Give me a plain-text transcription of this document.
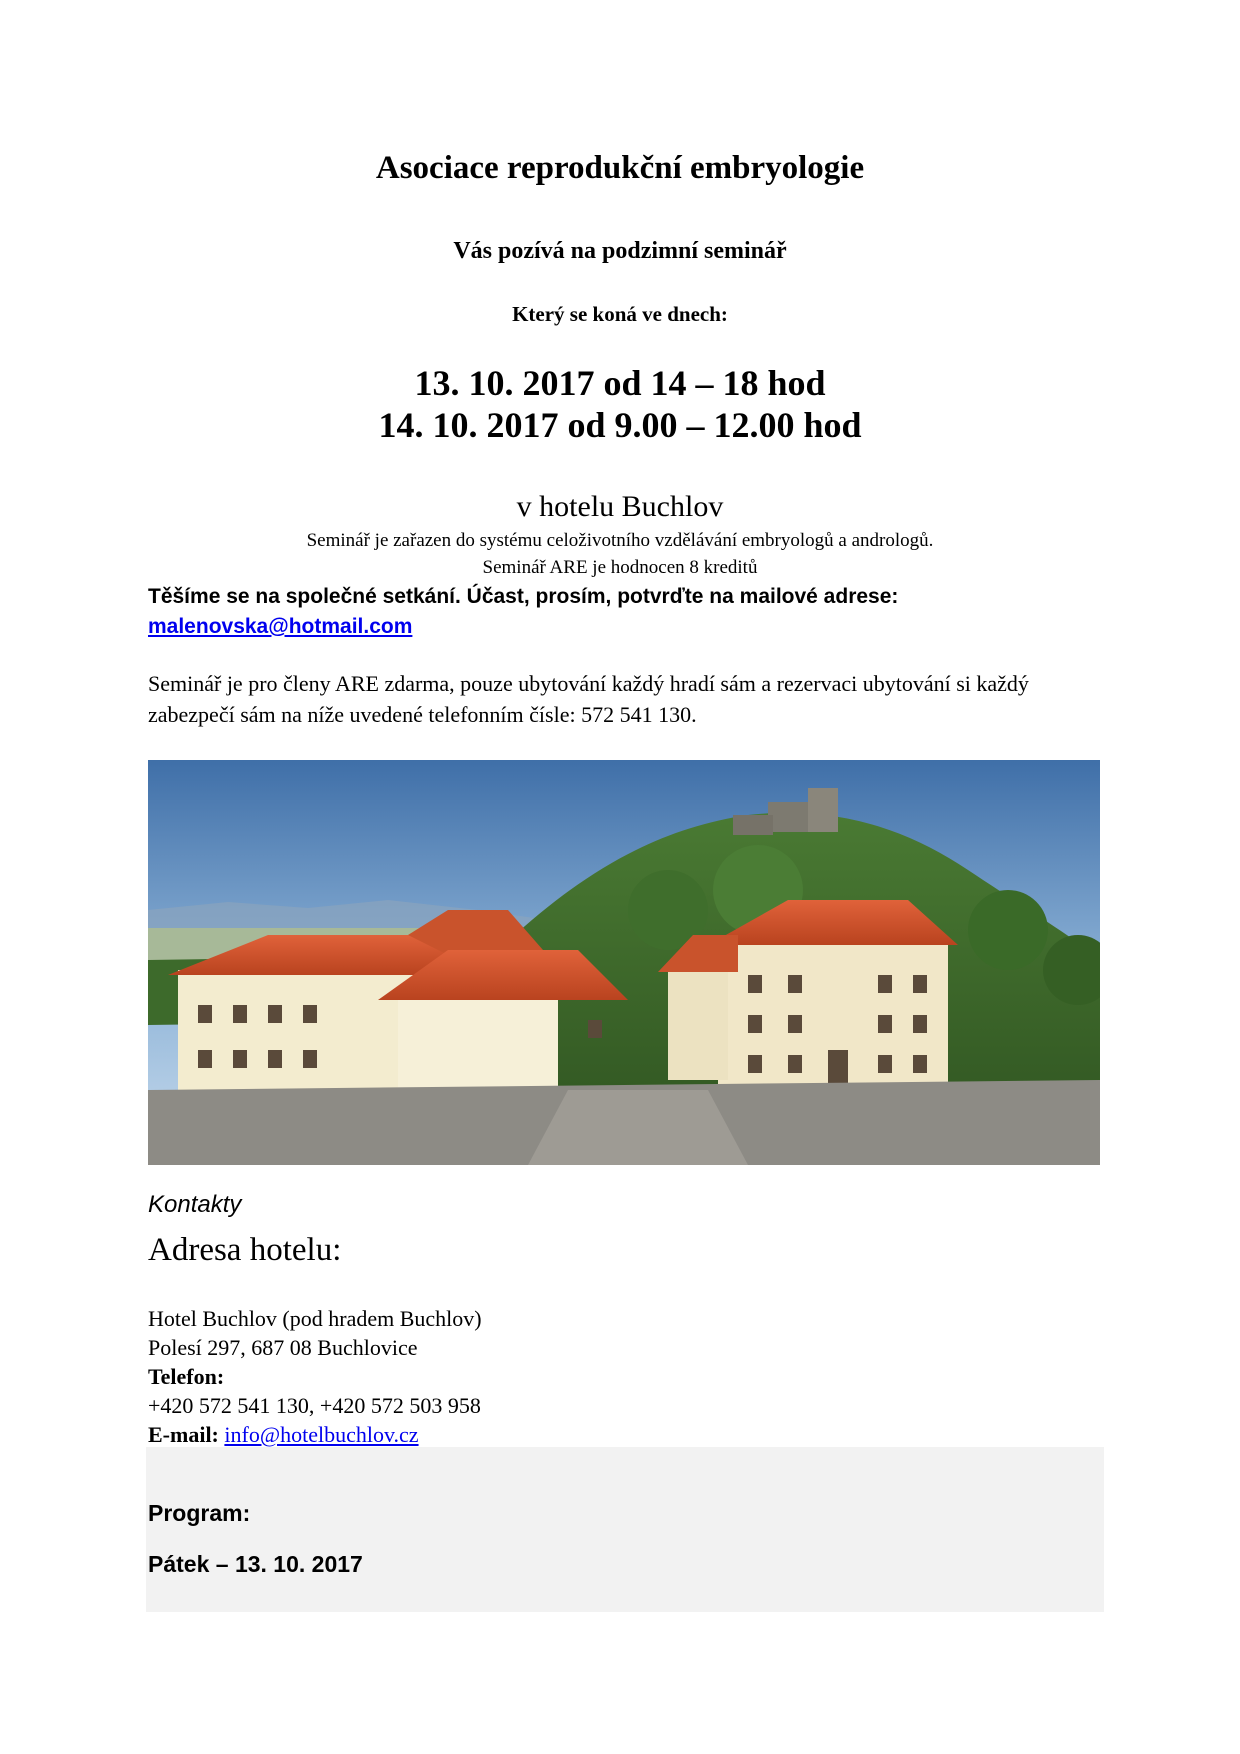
Asociace reprodukční embryologie
Vás pozívá na podzimní seminář
Který se koná ve dnech:
13. 10. 2017 od 14 – 18 hod
14. 10. 2017 od 9.00 – 12.00 hod
v hotelu Buchlov
Seminář je zařazen do systému celoživotního vzdělávání embryologů a andrologů.
Seminář ARE je hodnocen 8 kreditů
Těšíme se na společné setkání. Účast, prosím, potvrďte na mailové adrese:
malenovska@hotmail.com
Seminář je pro členy ARE zdarma, pouze ubytování každý hradí sám a rezervaci ubytování si každý zabezpečí sám na níže uvedené telefonním čísle: 572 541 130.
Kontakty
Adresa hotelu:
Hotel Buchlov (pod hradem Buchlov)
Polesí 297, 687 08 Buchlovice
Telefon:
+420 572 541 130, +420 572 503 958
E-mail: info@hotelbuchlov.cz
Program:
Pátek – 13. 10. 2017
